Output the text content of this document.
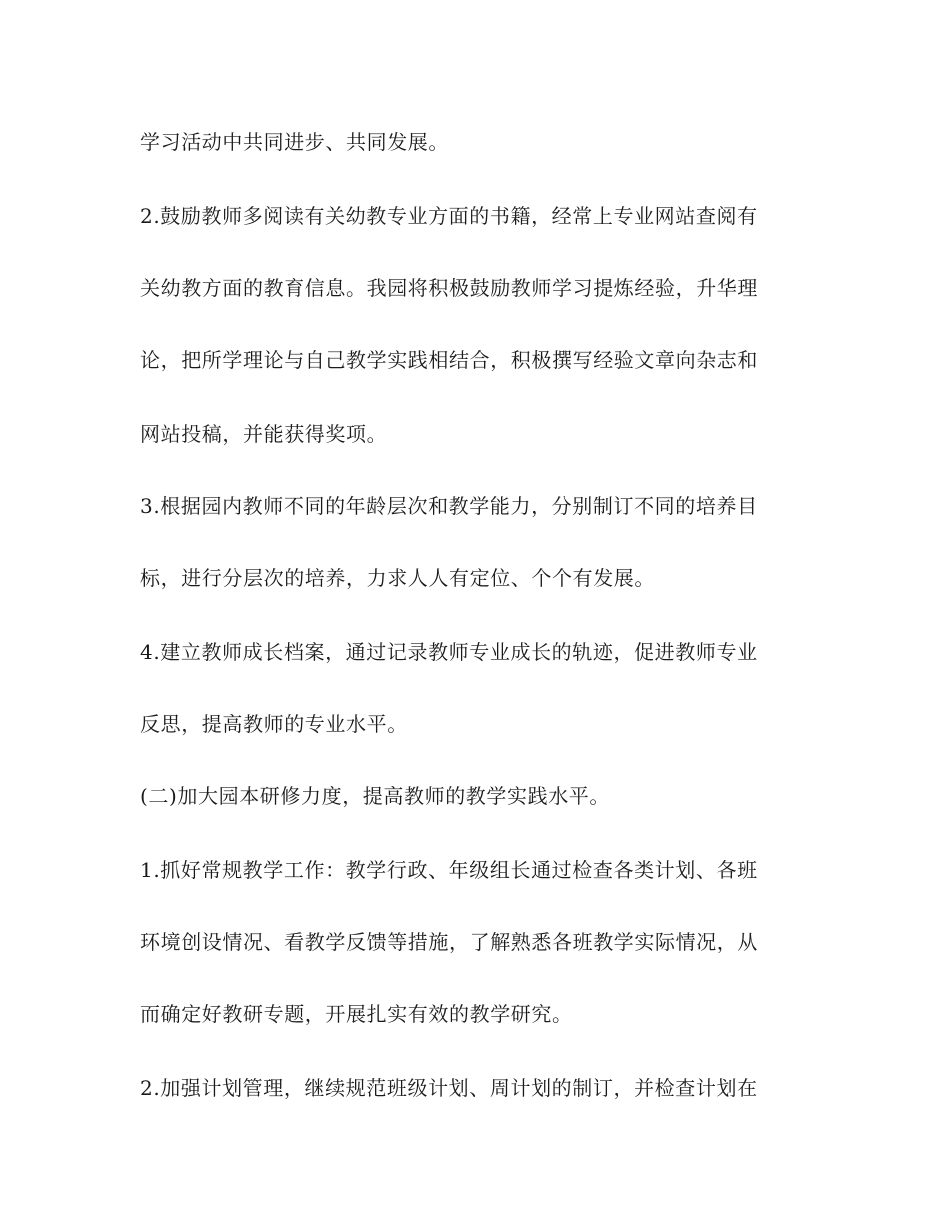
学习活动中共同进步、共同发展。
2.鼓励教师多阅读有关幼教专业方面的书籍，经常上专业网站查阅有
关幼教方面的教育信息。我园将积极鼓励教师学习提炼经验，升华理
论，把所学理论与自己教学实践相结合，积极撰写经验文章向杂志和
网站投稿，并能获得奖项。
3.根据园内教师不同的年龄层次和教学能力，分别制订不同的培养目
标，进行分层次的培养，力求人人有定位、个个有发展。
4.建立教师成长档案，通过记录教师专业成长的轨迹，促进教师专业
反思，提高教师的专业水平。
(二)加大园本研修力度，提高教师的教学实践水平。
1.抓好常规教学工作：教学行政、年级组长通过检查各类计划、各班
环境创设情况、看教学反馈等措施，了解熟悉各班教学实际情况，从
而确定好教研专题，开展扎实有效的教学研究。
2.加强计划管理，继续规范班级计划、周计划的制订，并检查计划在
